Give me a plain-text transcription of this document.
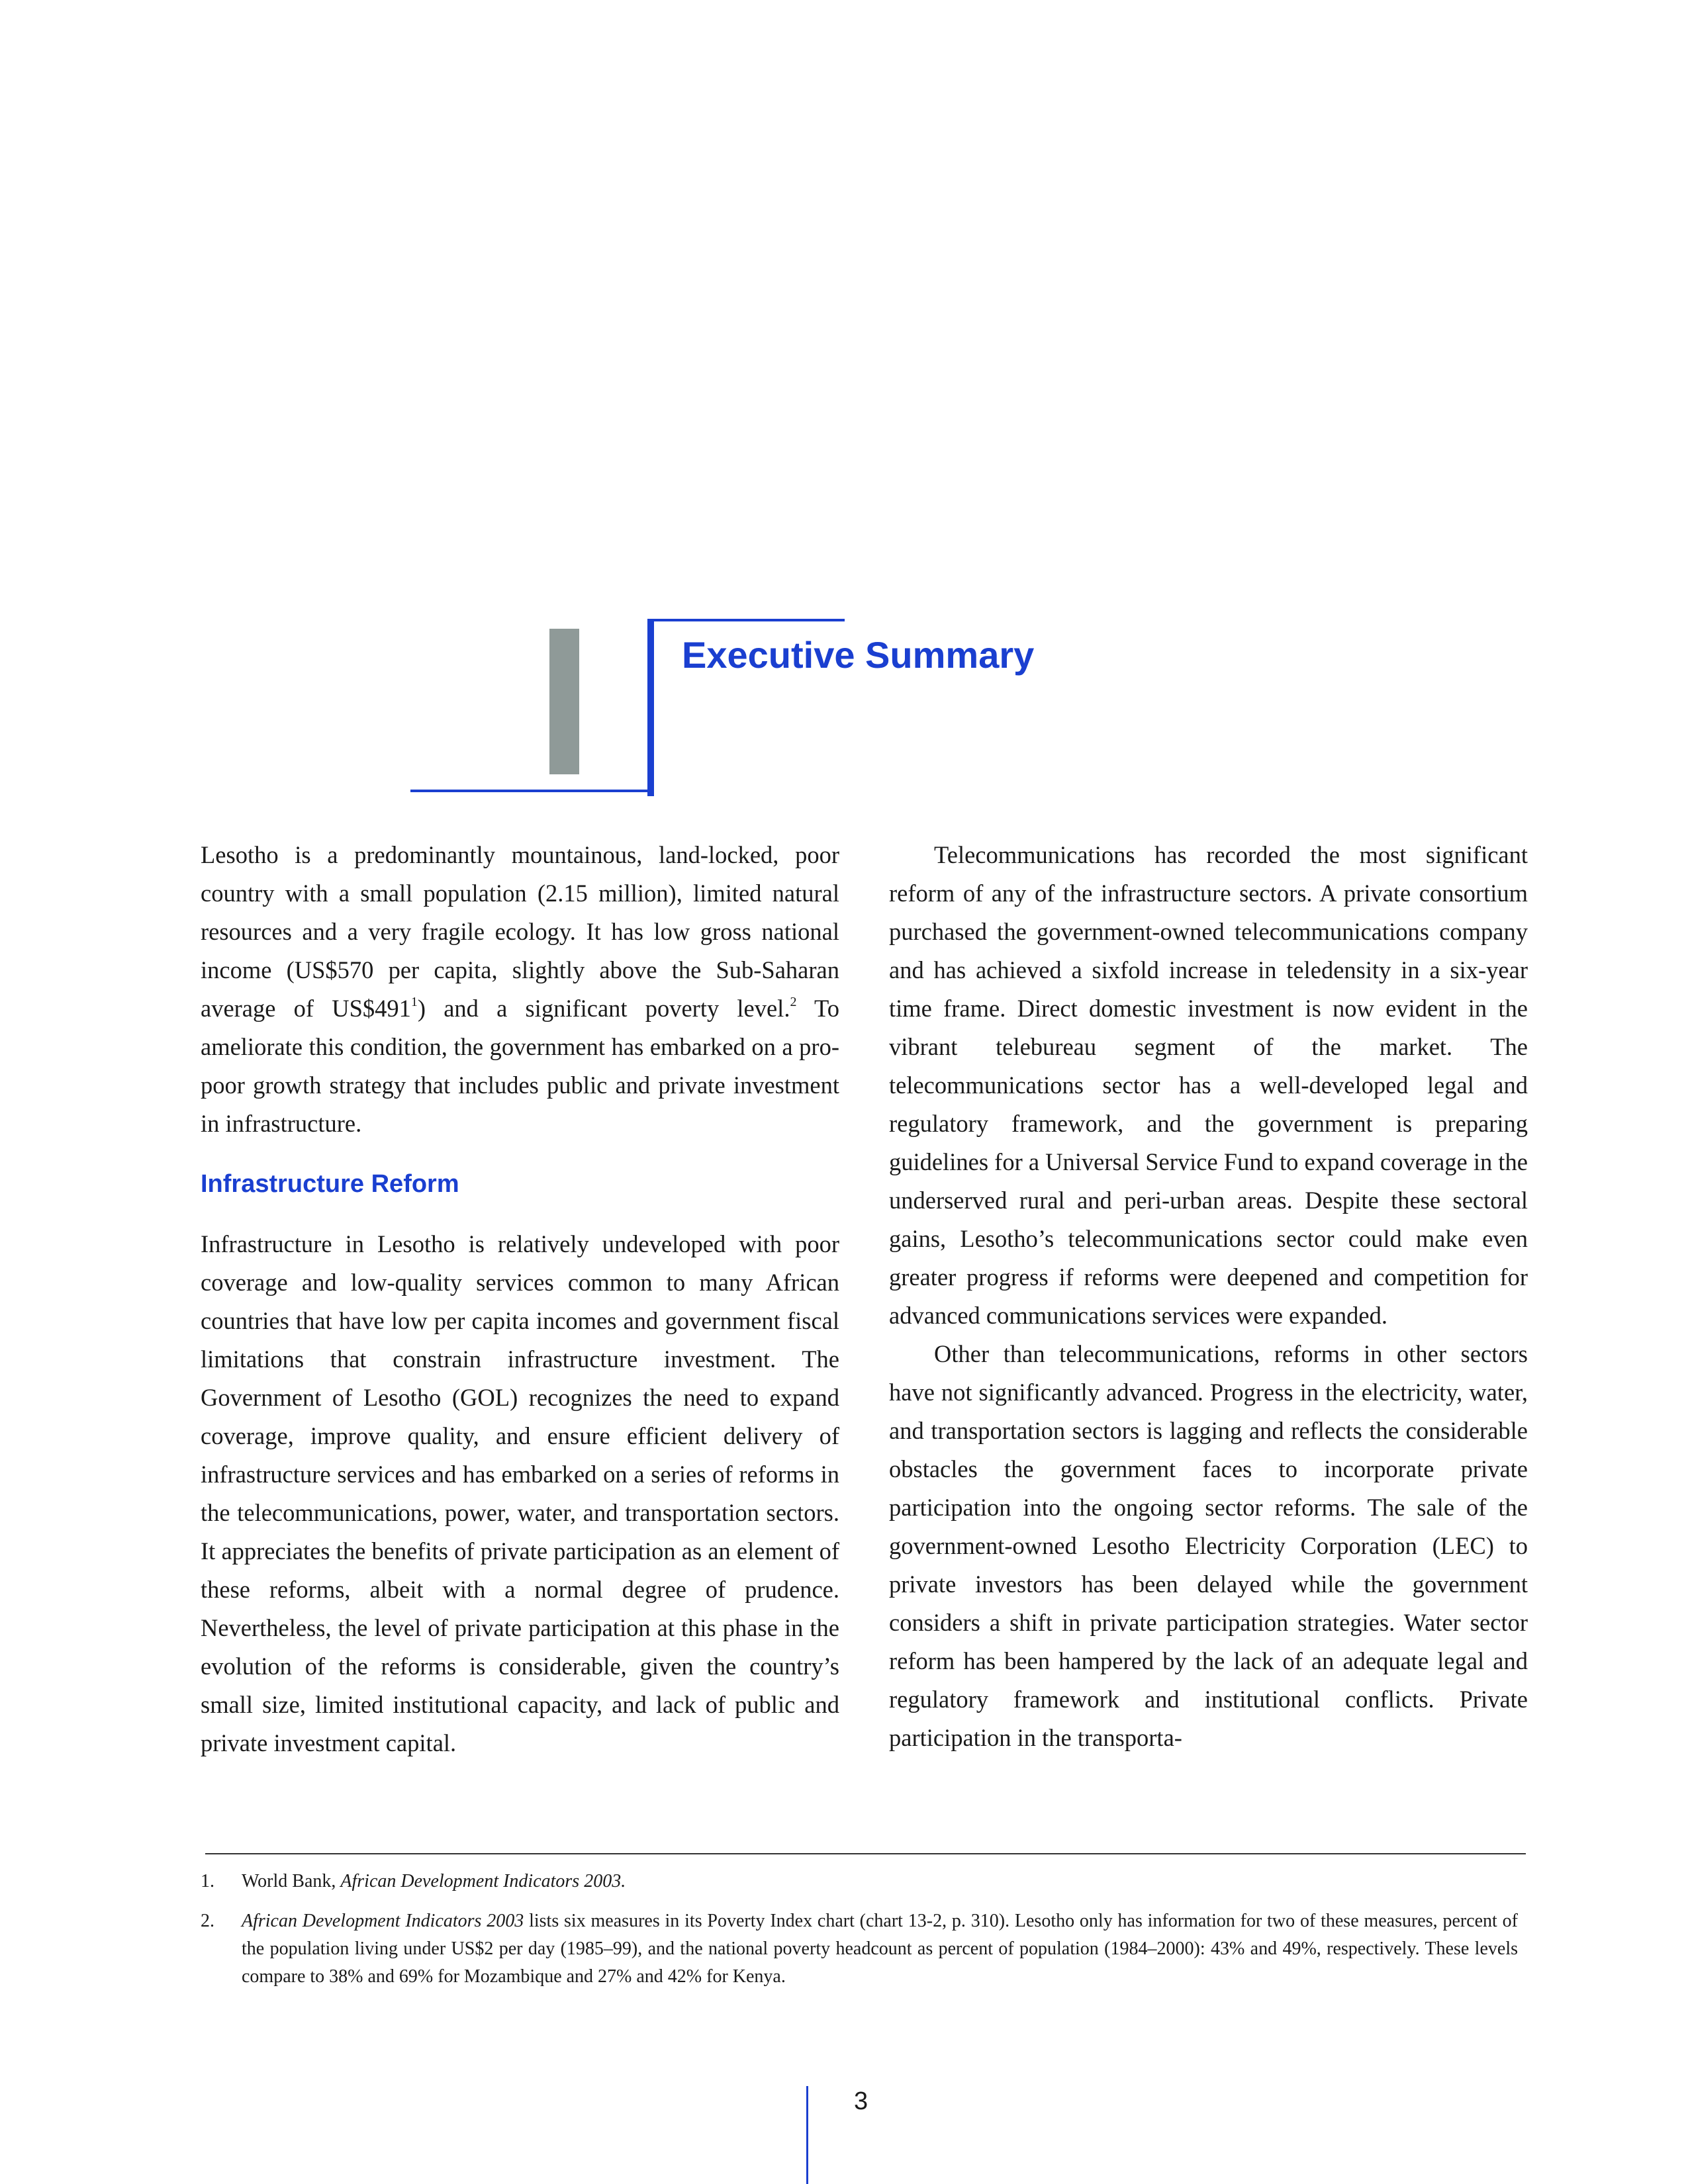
Executive Summary

Lesotho is a predominantly mountainous, land-locked, poor country with a small population (2.15 million), limited natural resources and a very fragile ecology. It has low gross national income (US$570 per capita, slightly above the Sub-Saharan average of $US\$491^1$) and a significant poverty level.$^2$ To ameliorate this condition, the government has embarked on a pro-poor growth strategy that includes public and private investment in infrastructure.

Infrastructure Reform

Infrastructure in Lesotho is relatively undeveloped with poor coverage and low-quality services common to many African countries that have low per capita incomes and government fiscal limitations that constrain infrastructure investment. The Government of Lesotho (GOL) recognizes the need to expand coverage, improve quality, and ensure efficient delivery of infrastructure services and has embarked on a series of reforms in the telecommunications, power, water, and transportation sectors. It appreciates the benefits of private participation as an element of these reforms, albeit with a normal degree of prudence. Nevertheless, the level of private participation at this phase in the evolution of the reforms is considerable, given the country’s small size, limited institutional capacity, and lack of public and private investment capital.

Telecommunications has recorded the most significant reform of any of the infrastructure sectors. A private consortium purchased the government-owned telecommunications company and has achieved a sixfold increase in teledensity in a six-year time frame. Direct domestic investment is now evident in the vibrant telebureau segment of the market. The telecommunications sector has a well-developed legal and regulatory framework, and the government is preparing guidelines for a Universal Service Fund to expand coverage in the underserved rural and peri-urban areas. Despite these sectoral gains, Lesotho’s telecommunications sector could make even greater progress if reforms were deepened and competition for advanced communications services were expanded.

Other than telecommunications, reforms in other sectors have not significantly advanced. Progress in the electricity, water, and transportation sectors is lagging and reflects the considerable obstacles the government faces to incorporate private participation into the ongoing sector reforms. The sale of the government-owned Lesotho Electricity Corporation (LEC) to private investors has been delayed while the government considers a shift in private participation strategies. Water sector reform has been hampered by the lack of an adequate legal and regulatory framework and institutional conflicts. Private participation in the transporta-

1. World Bank, African Development Indicators 2003.

2. African Development Indicators 2003 lists six measures in its Poverty Index chart (chart 13-2, p. 310). Lesotho only has information for two of these measures, percent of the population living under US$2 per day (1985–99), and the national poverty headcount as percent of population (1984–2000): 43% and 49%, respectively. These levels compare to 38% and 69% for Mozambique and 27% and 42% for Kenya.

3
